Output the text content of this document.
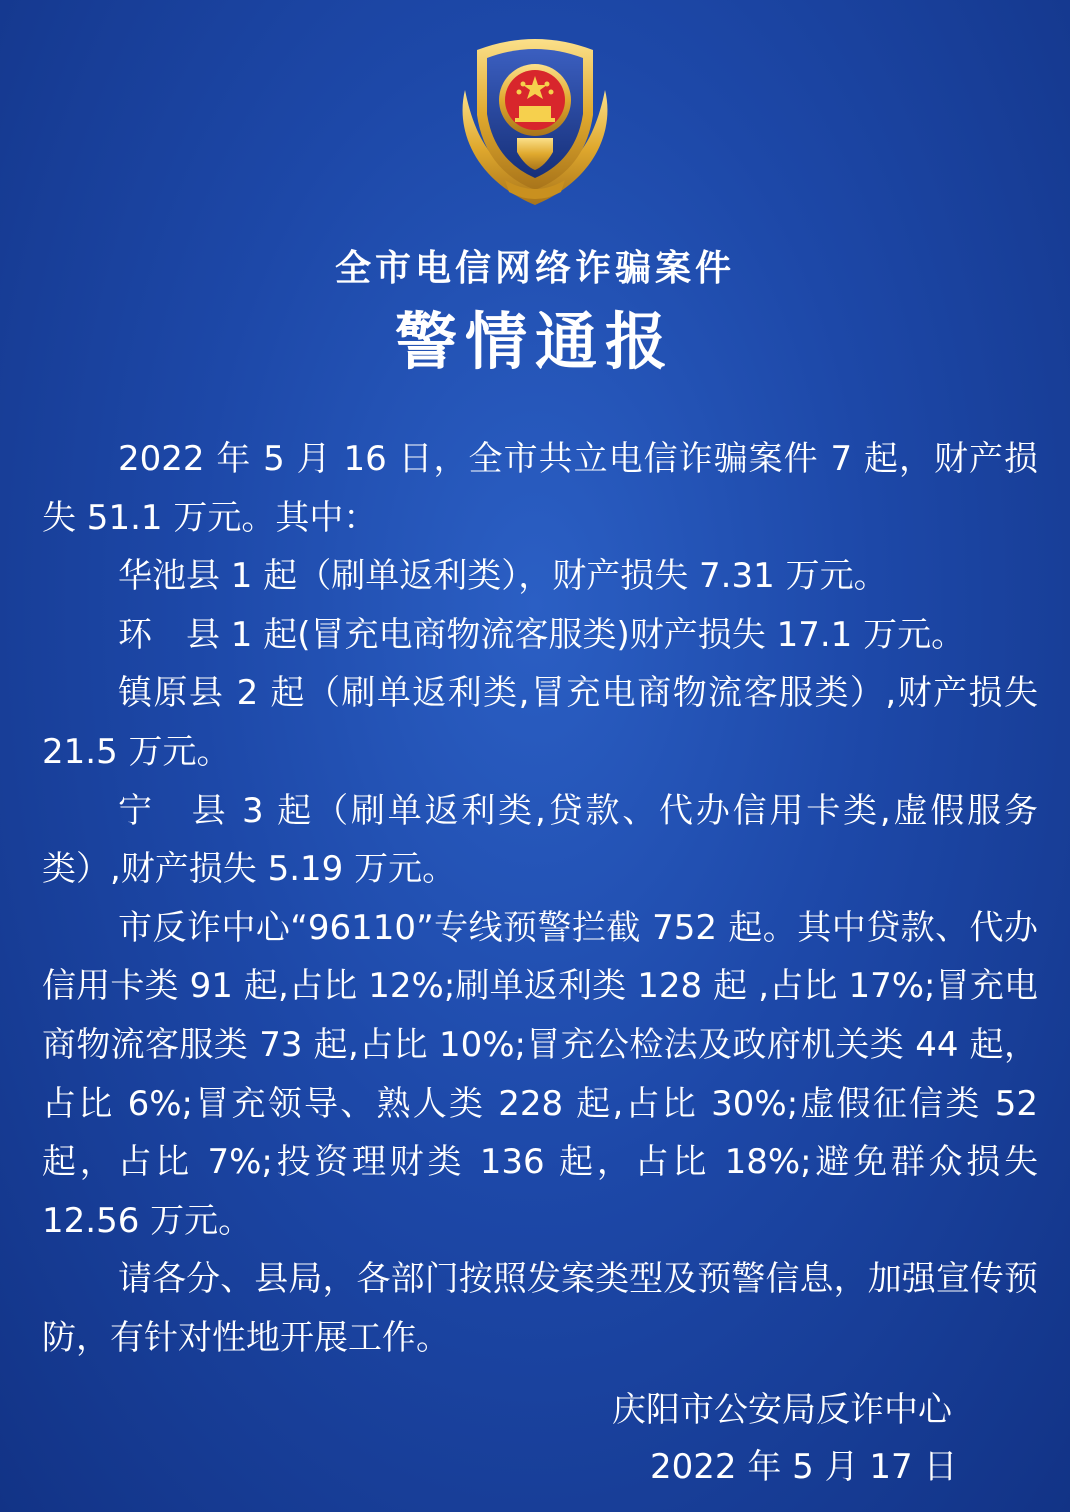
全市电信网络诈骗案件
警情通报

2022 年 5 月 16 日，全市共立电信诈骗案件 7 起，财产损失 51.1 万元。其中：

华池县 1 起（刷单返利类），财产损失 7.31 万元。

环　县 1 起(冒充电商物流客服类)财产损失 17.1 万元。

镇原县 2 起（刷单返利类,冒充电商物流客服类）,财产损失 21.5 万元。

宁　县 3 起（刷单返利类,贷款、代办信用卡类,虚假服务类）,财产损失 5.19 万元。

市反诈中心“96110”专线预警拦截 752 起。其中贷款、代办信用卡类 91 起,占比 12%;刷单返利类 128 起 ,占比 17%;冒充电商物流客服类 73 起,占比 10%;冒充公检法及政府机关类 44 起，占比 6%;冒充领导、熟人类 228 起,占比 30%;虚假征信类 52 起，占比 7%;投资理财类 136 起，占比 18%;避免群众损失 12.56 万元。

请各分、县局，各部门按照发案类型及预警信息，加强宣传预防，有针对性地开展工作。

庆阳市公安局反诈中心
2022 年 5 月 17 日
